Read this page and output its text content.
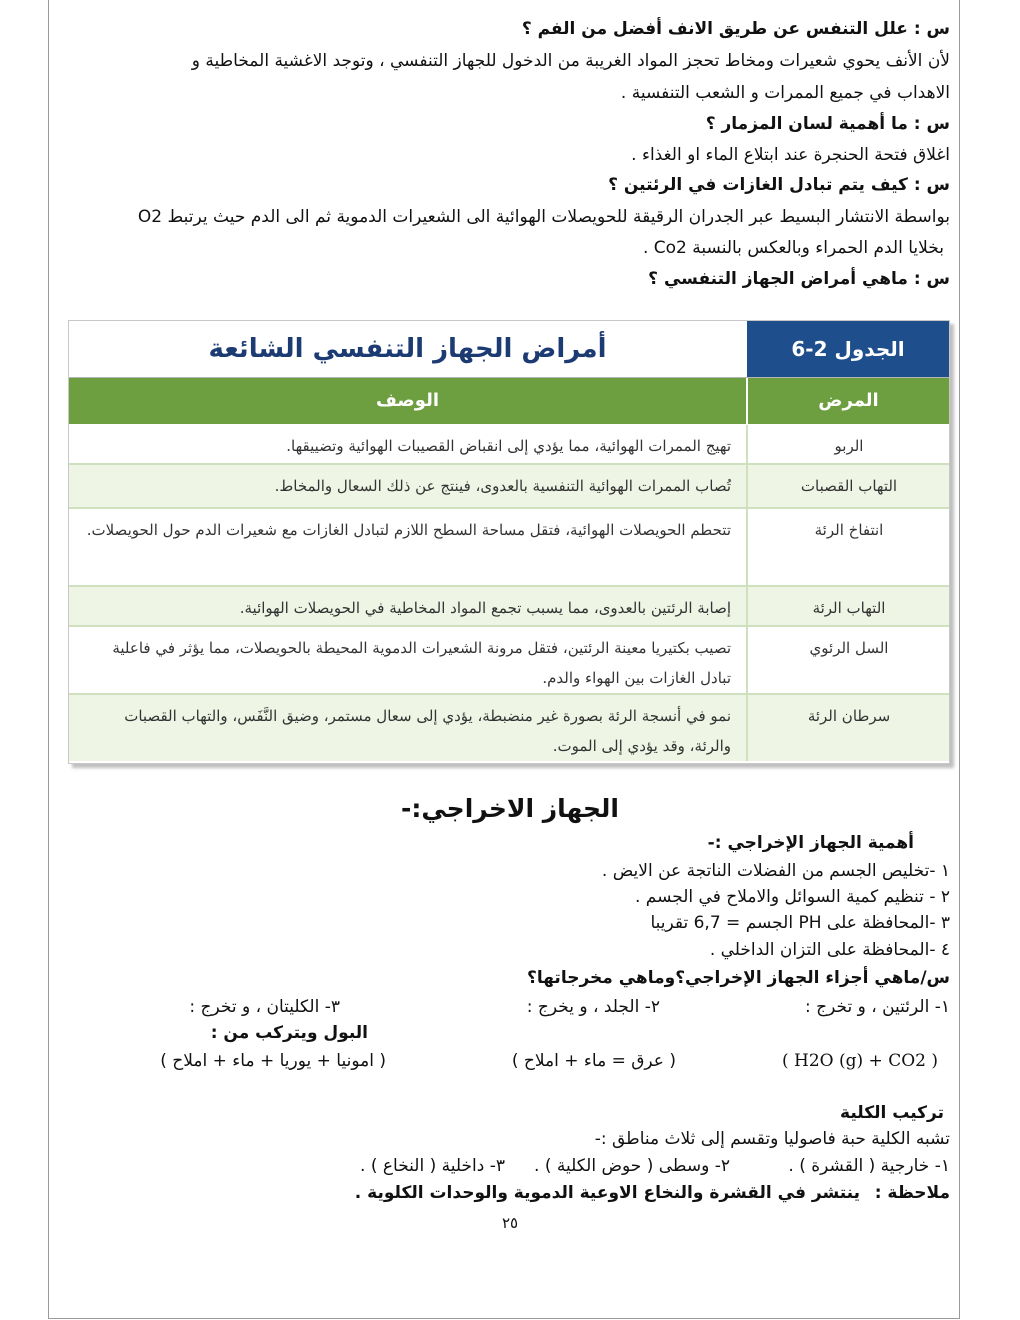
س : علل التنفس عن طريق الانف أفضل من الفم ؟
لأن الأنف يحوي شعيرات ومخاط تحجز المواد الغريبة من الدخول للجهاز التنفسي ، وتوجد الاغشية المخاطية و
الاهداب في جميع الممرات و الشعب التنفسية .
س : ما أهمية لسان المزمار ؟
اغلاق فتحة الحنجرة عند ابتلاع الماء او الغذاء .
س : كيف يتم تبادل الغازات في الرئتين ؟
بواسطة الانتشار البسيط عبر الجدران الرقيقة للحويصلات الهوائية الى الشعيرات الدموية ثم الى الدم حيث يرتبط O2
بخلايا الدم الحمراء وبالعكس بالنسبة Co2 .
س : ماهي أمراض الجهاز التنفسي ؟
أمراض الجهاز التنفسي الشائعة	الجدول 2-6
الوصف	المرض
الربو
تهيج الممرات الهوائية، مما يؤدي إلى انقباض القصيبات الهوائية وتضييقها.
التهاب القصبات
تُصاب الممرات الهوائية التنفسية بالعدوى، فينتج عن ذلك السعال والمخاط.
انتفاخ الرئة
تتحطم الحويصلات الهوائية، فتقل مساحة السطح اللازم لتبادل الغازات مع شعيرات الدم حول الحويصلات.
التهاب الرئة
إصابة الرئتين بالعدوى، مما يسبب تجمع المواد المخاطية في الحويصلات الهوائية.
السل الرئوي
تصيب بكتيريا معينة الرئتين، فتقل مرونة الشعيرات الدموية المحيطة بالحويصلات، مما يؤثر في فاعلية تبادل الغازات بين الهواء والدم.
سرطان الرئة
نمو في أنسجة الرئة بصورة غير منضبطة، يؤدي إلى سعال مستمر، وضيق النَّفَس، والتهاب القصبات والرئة، وقد يؤدي إلى الموت.
الجهاز الاخراجي:-
أهمية الجهاز الإخراجي :-
١ -تخليص الجسم من الفضلات الناتجة عن الايض .
٢ - تنظيم كمية السوائل والاملاح في الجسم .
٣ -المحافظة على PH الجسم = 6,7 تقريبا
٤ -المحافظة على التزان الداخلي .
س/ماهي أجزاء الجهاز الإخراجي؟وماهي مخرجاتها؟
١- الرئتين ، و تخرج :
٢- الجلد ، و يخرج :
٣- الكليتان ، و تخرج :
البول ويتركب من :
( H2O (g) + CO2 )
( عرق = ماء + املاح )
( امونيا + يوريا + ماء + املاح )
تركيب الكلية
تشبه الكلية حبة فاصوليا وتقسم إلى ثلاث مناطق :-
١- خارجية ( القشرة ) .
٢- وسطى ( حوض الكلية ) .
٣- داخلية ( النخاع ) .
ملاحظة :
ينتشر في القشرة والنخاع الاوعية الدموية والوحدات الكلوية .
٢٥
